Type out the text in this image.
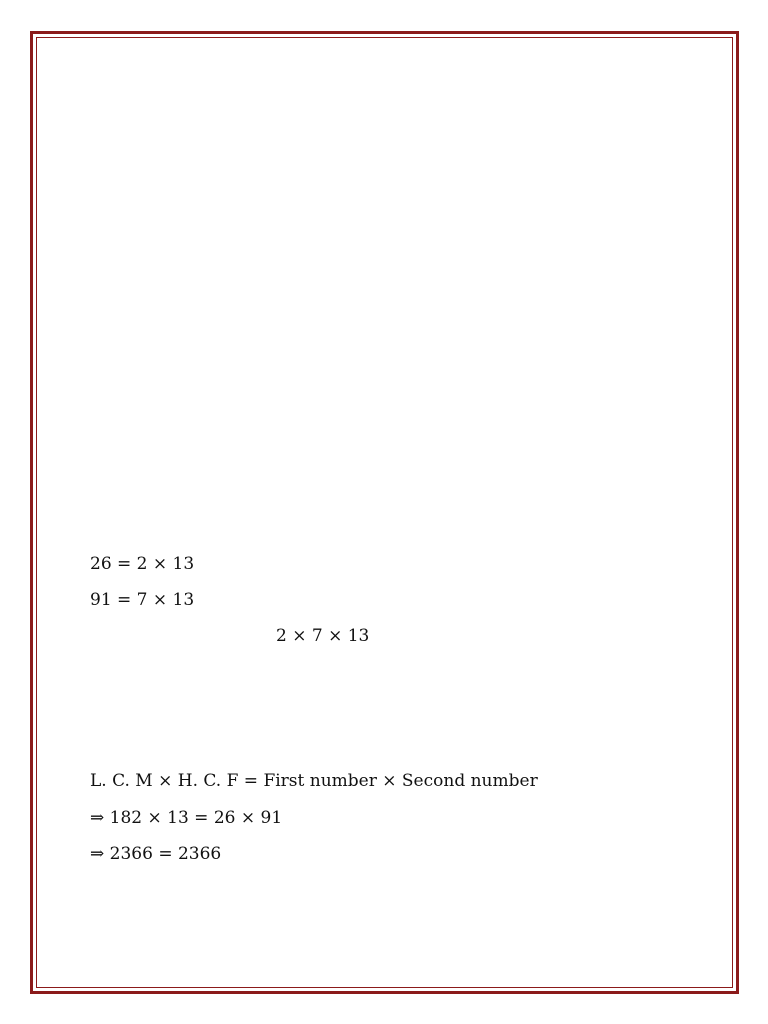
26 = 2 × 13
91 = 7 × 13
2 × 7 × 13
L. C. M × H. C. F = First number × Second number
⇒ 182 × 13 = 26 × 91
⇒ 2366 = 2366
